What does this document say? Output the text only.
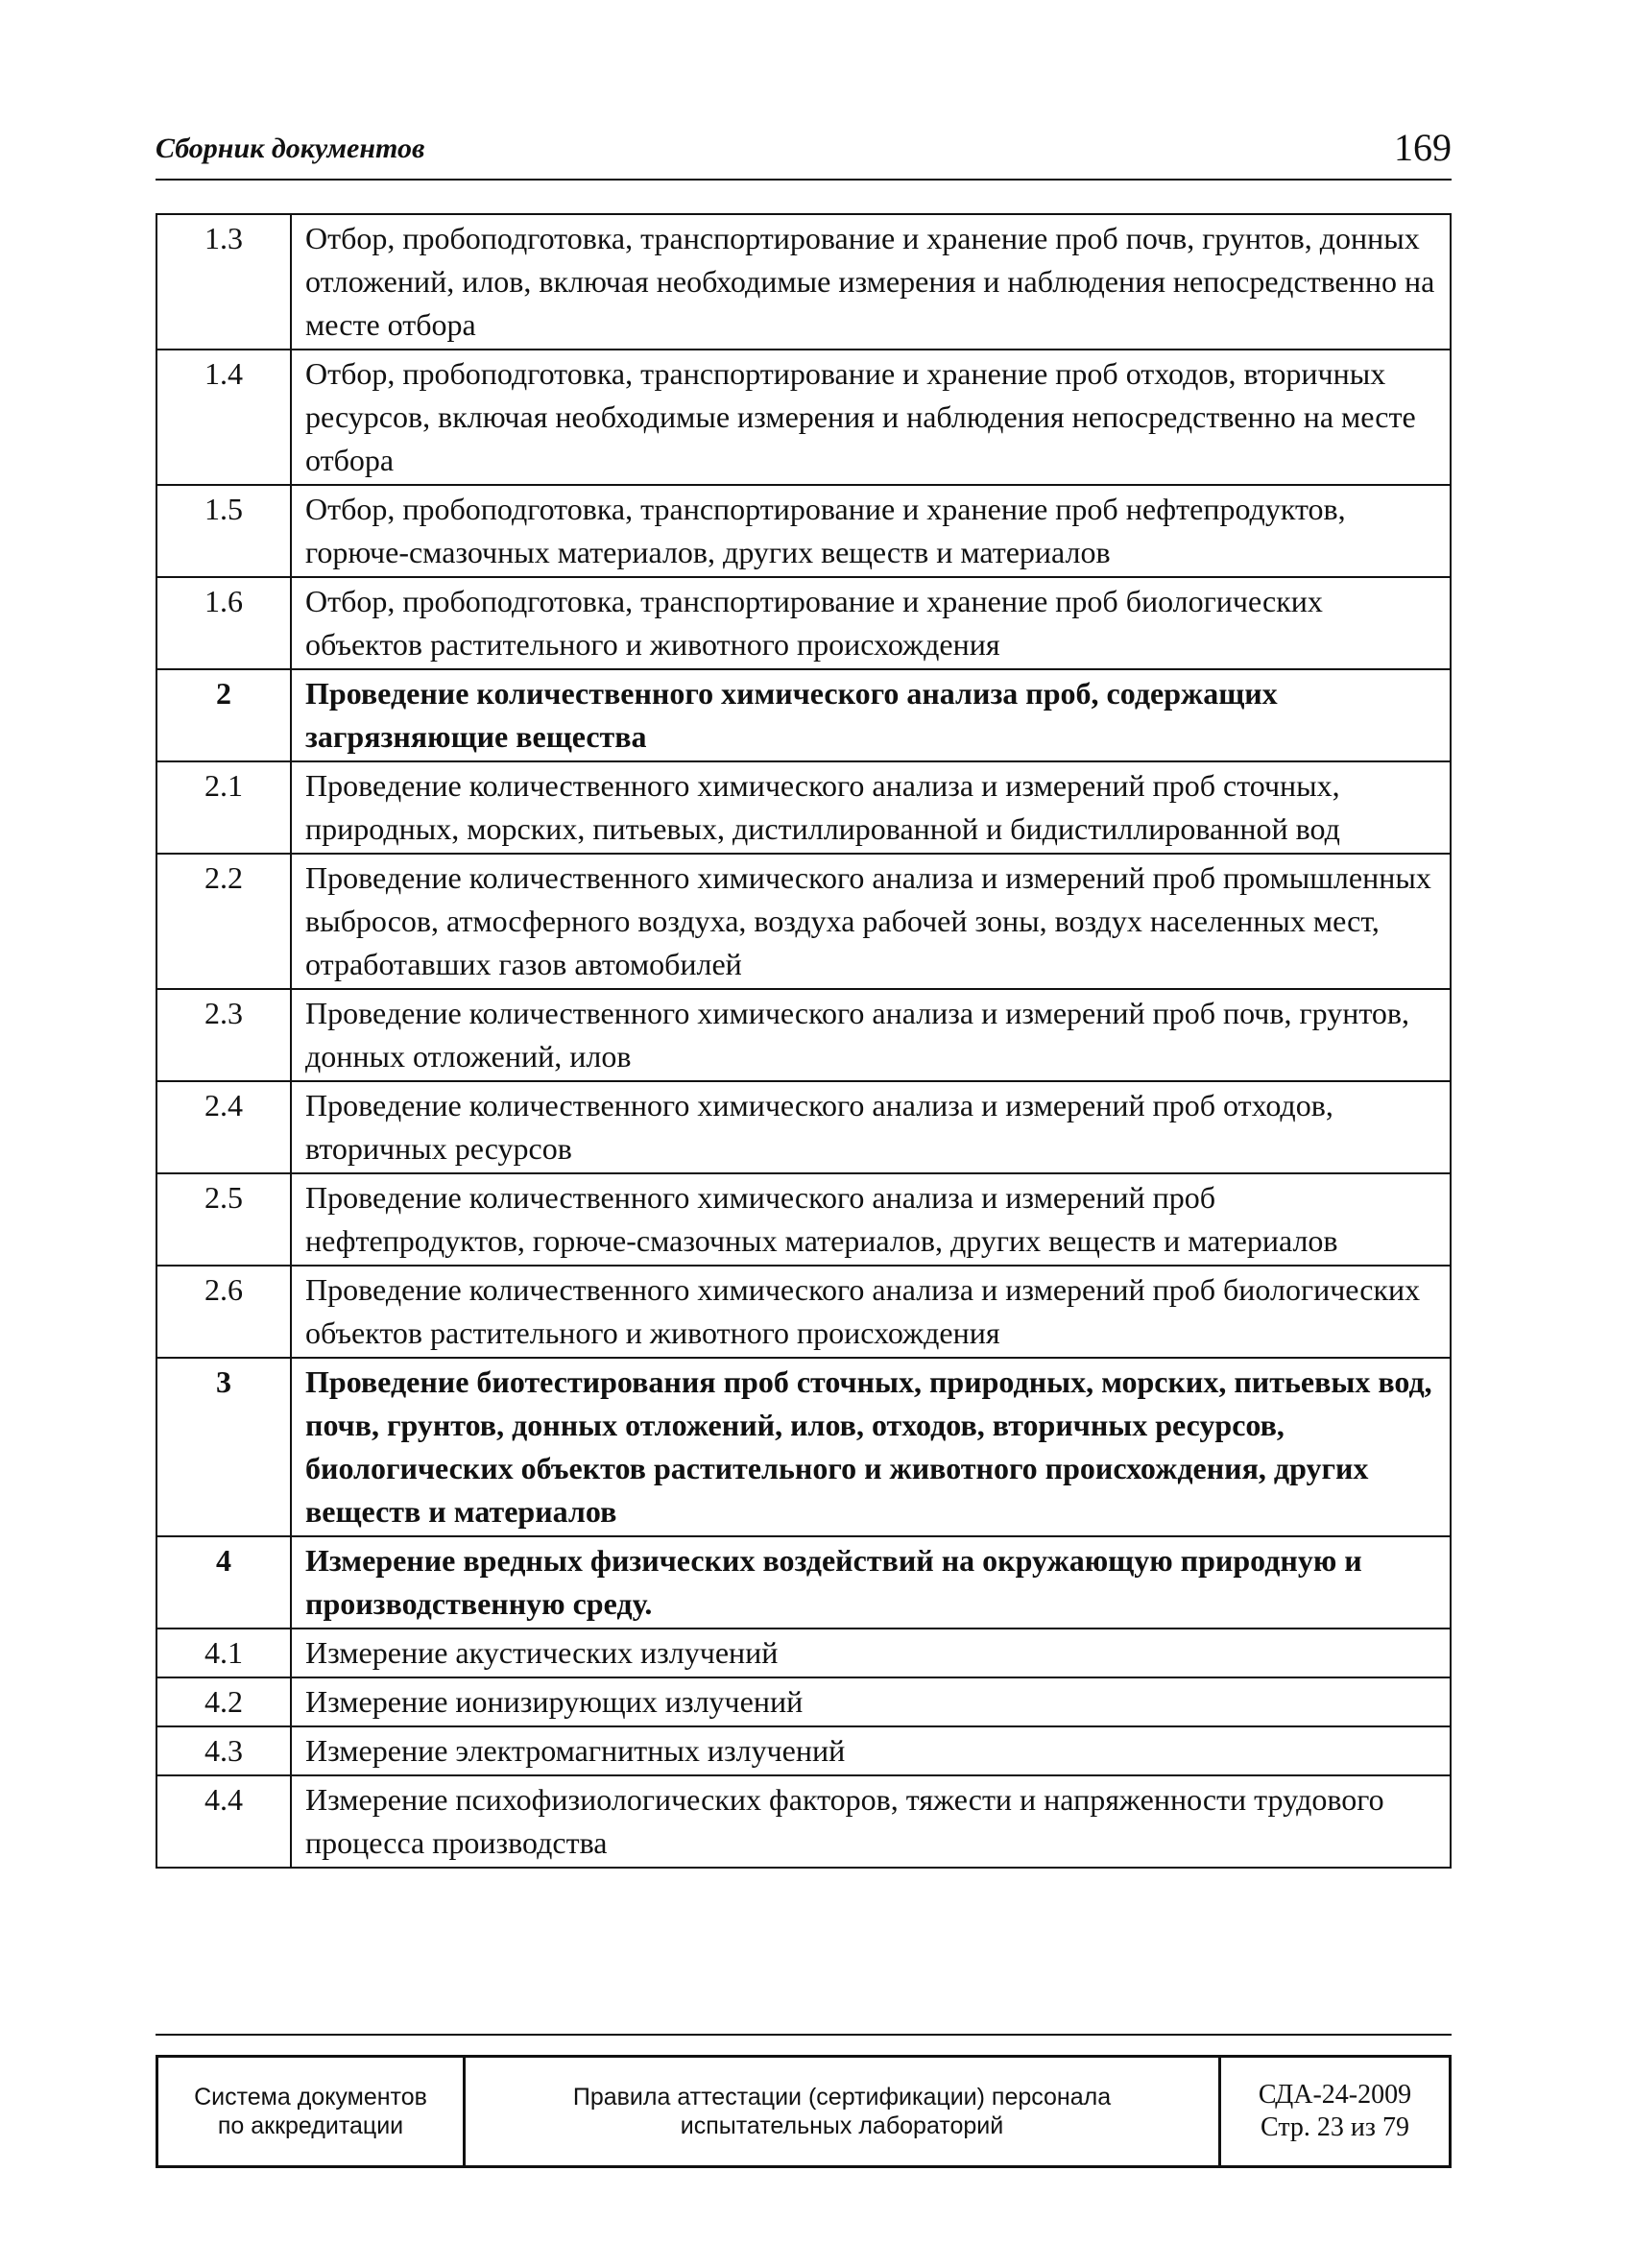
Сборник документов	169
1.3	Отбор, пробоподготовка, транспортирование и хранение проб почв, грунтов, донных отложений, илов, включая необходимые измерения и наблюдения непосредственно на месте отбора
1.4	Отбор, пробоподготовка, транспортирование и хранение проб отходов, вторичных ресурсов, включая необходимые измерения и наблюдения непосредственно на месте отбора
1.5	Отбор, пробоподготовка, транспортирование и хранение проб нефтепродуктов, горюче-смазочных материалов, других веществ и материалов
1.6	Отбор, пробоподготовка, транспортирование и хранение проб биологических объектов растительного и животного происхождения
2	Проведение количественного химического анализа проб, содержащих загрязняющие вещества
2.1	Проведение количественного химического анализа и измерений проб сточных, природных, морских, питьевых, дистиллированной и бидистиллированной вод
2.2	Проведение количественного химического анализа и измерений проб промышленных выбросов, атмосферного воздуха, воздуха рабочей зоны, воздух населенных мест, отработавших газов автомобилей
2.3	Проведение количественного химического анализа и измерений проб почв, грунтов, донных отложений, илов
2.4	Проведение количественного химического анализа и измерений проб отходов, вторичных ресурсов
2.5	Проведение количественного химического анализа и измерений проб нефтепродуктов, горюче-смазочных материалов, других веществ и материалов
2.6	Проведение количественного химического анализа и измерений проб биологических объектов растительного и животного происхождения
3	Проведение биотестирования проб сточных, природных, морских, питьевых вод, почв, грунтов, донных отложений, илов, отходов, вторичных ресурсов, биологических объектов растительного и животного происхождения, других веществ и материалов
4	Измерение вредных физических воздействий на окружающую природную и производственную среду.
4.1	Измерение акустических излучений
4.2	Измерение ионизирующих излучений
4.3	Измерение электромагнитных излучений
4.4	Измерение психофизиологических факторов, тяжести и напряженности трудового процесса производства
Система документов
по аккредитации

Правила аттестации (сертификации) персонала
испытательных лабораторий

СДА-24-2009
Стр. 23 из 79
